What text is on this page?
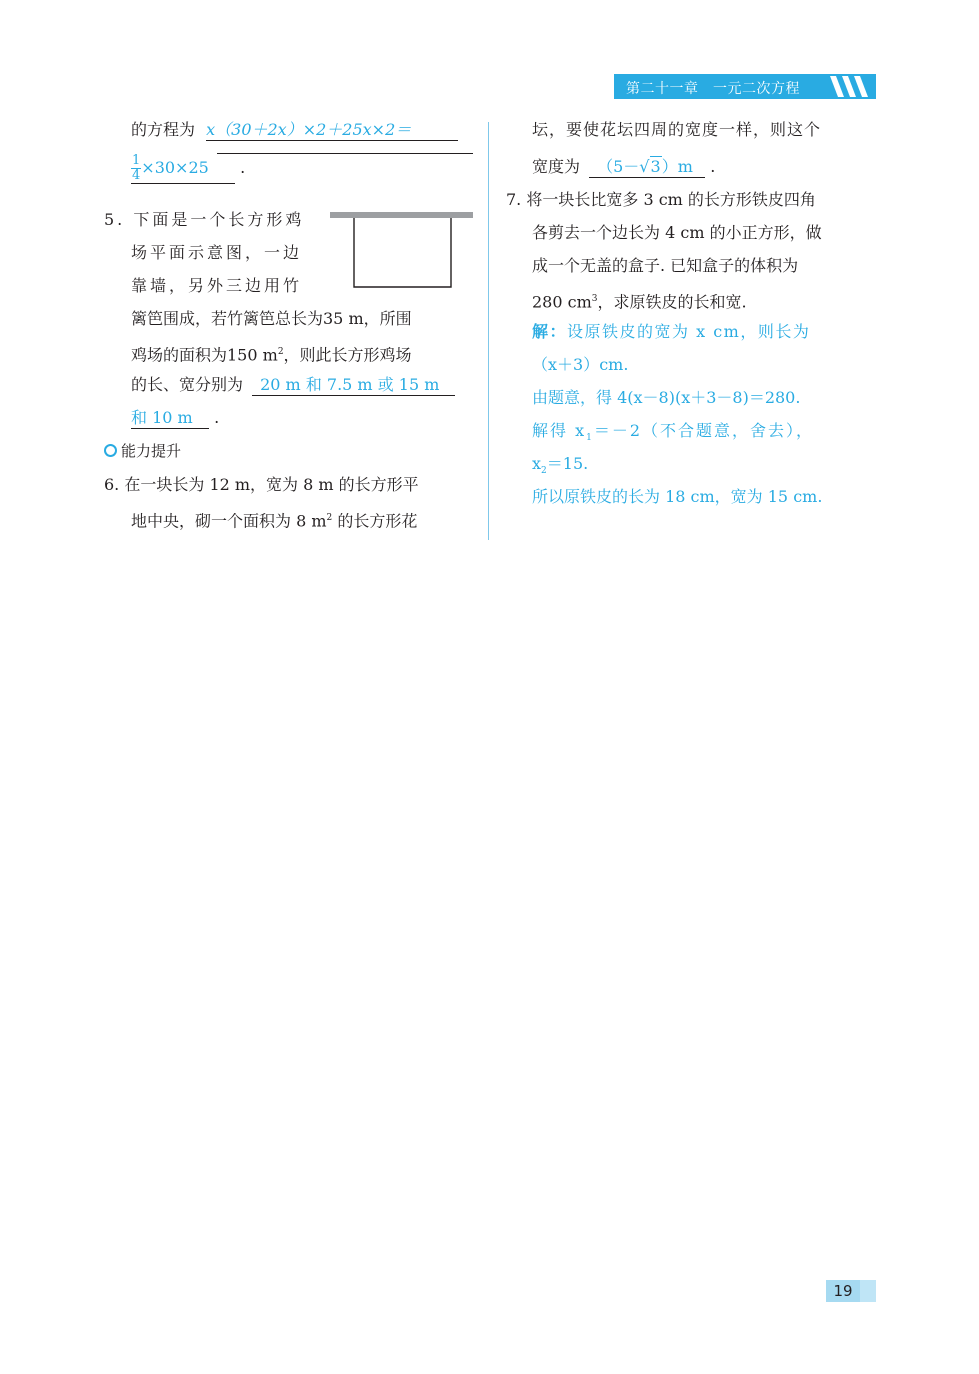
第二十一章　一元二次方程
的方程为 x（30＋2x）×2＋25x×2＝
$\frac{1}{4} \times 30\times 25$ .
5. 下面是一个长方形鸡
场平面示意图，一边
靠墙，另外三边用竹
篱笆围成，若竹篱笆总长为35 m，所围
鸡场的面积为150 $m^2$，则此长方形鸡场
的长、宽分别为 20 m 和 7.5 m 或 15 m
和 10 m .
能力提升
6. 在一块长为 12 m，宽为 8 m 的长方形平
地中央，砌一个面积为 8 $m^2$ 的长方形花
坛，要使花坛四周的宽度一样，则这个
宽度为 （5－√3）m .
7. 将一块长比宽多 3 cm 的长方形铁皮四角
各剪去一个边长为 4 cm 的小正方形，做
成一个无盖的盒子. 已知盒子的体积为
280 $cm^3$，求原铁皮的长和宽.
解：设原铁皮的宽为 x cm，则长为
（x＋3）cm.
由题意，得 4(x－8)(x＋3－8)＝280.
解得 $x_1=-2$（不合题意，舍去），
$x_2=15$.
所以原铁皮的长为 18 cm，宽为 15 cm.
19
